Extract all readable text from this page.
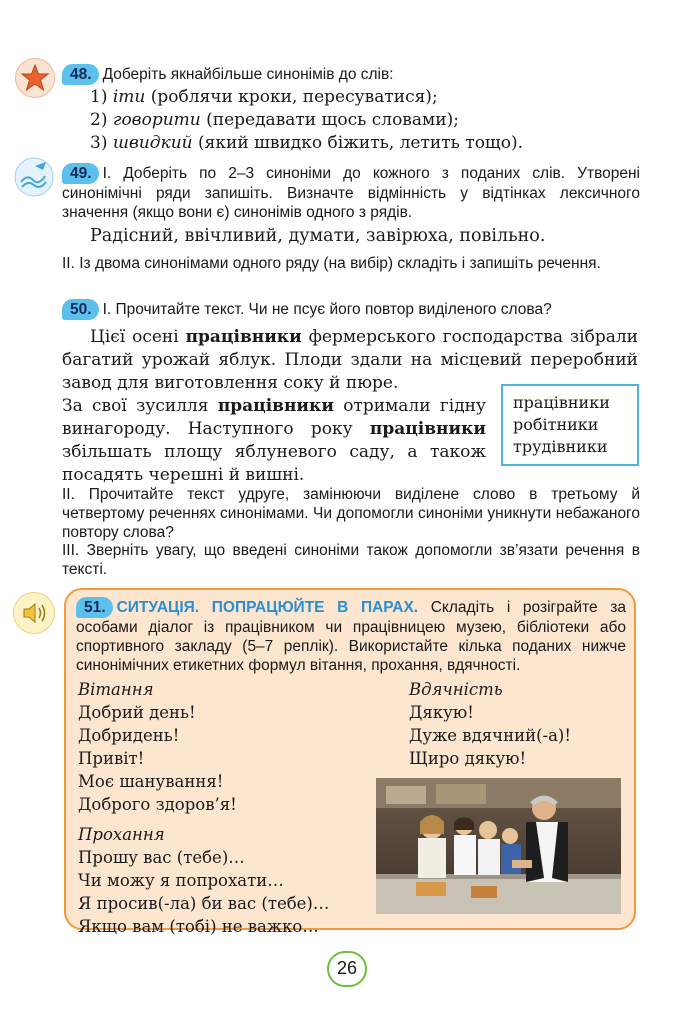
48. Доберіть якнайбільше синонімів до слів:
1) іти (роблячи кроки, пересуватися);
2) говорити (передавати щось словами);
3) швидкий (який швидко біжить, летить тощо).
49. І. Доберіть по 2–3 синоніми до кожного з поданих слів. Утворені синонімічні ряди запишіть. Визначте відмінність у відтінках лексичного значення (якщо вони є) синонімів одного з рядів.
Радісний, ввічливий, думати, завірюха, повільно.
ІІ. Із двома синонімами одного ряду (на вибір) складіть і запишіть речення.
50. І. Прочитайте текст. Чи не псує його повтор виділеного слова?
Цієї осені працівники фермерського господарства зібрали багатий урожай яблук. Плоди здали на місцевий переробний завод для виготовлення соку й пюре.
За свої зусилля працівники отримали гідну винагороду. Наступного року працівники збільшать площу яблуневого саду, а також посадять черешні й вишні.
працівники
робітники
трудівники
ІІ. Прочитайте текст удруге, замінюючи виділене слово в третьому й четвертому реченнях синонімами. Чи допомогли синоніми уникнути небажаного повтору слова?
ІІІ. Зверніть увагу, що введені синоніми також допомогли зв’язати речення в тексті.
51. СИТУАЦІЯ. ПОПРАЦЮЙТЕ В ПАРАХ. Складіть і розіграйте за особами діалог із працівником чи працівницею музею, бібліотеки або спортивного закладу (5–7 реплік). Використайте кілька поданих нижче синонімічних етикетних формул вітання, прохання, вдячності.
Вітання
Добрий день!
Добридень!
Привіт!
Моє шанування!
Доброго здоров’я!
Прохання
Прошу вас (тебе)…
Чи можу я попрохати…
Я просив(-ла) би вас (тебе)…
Якщо вам (тобі) не важко…
Вдячність
Дякую!
Дуже вдячний(-а)!
Щиро дякую!
26
